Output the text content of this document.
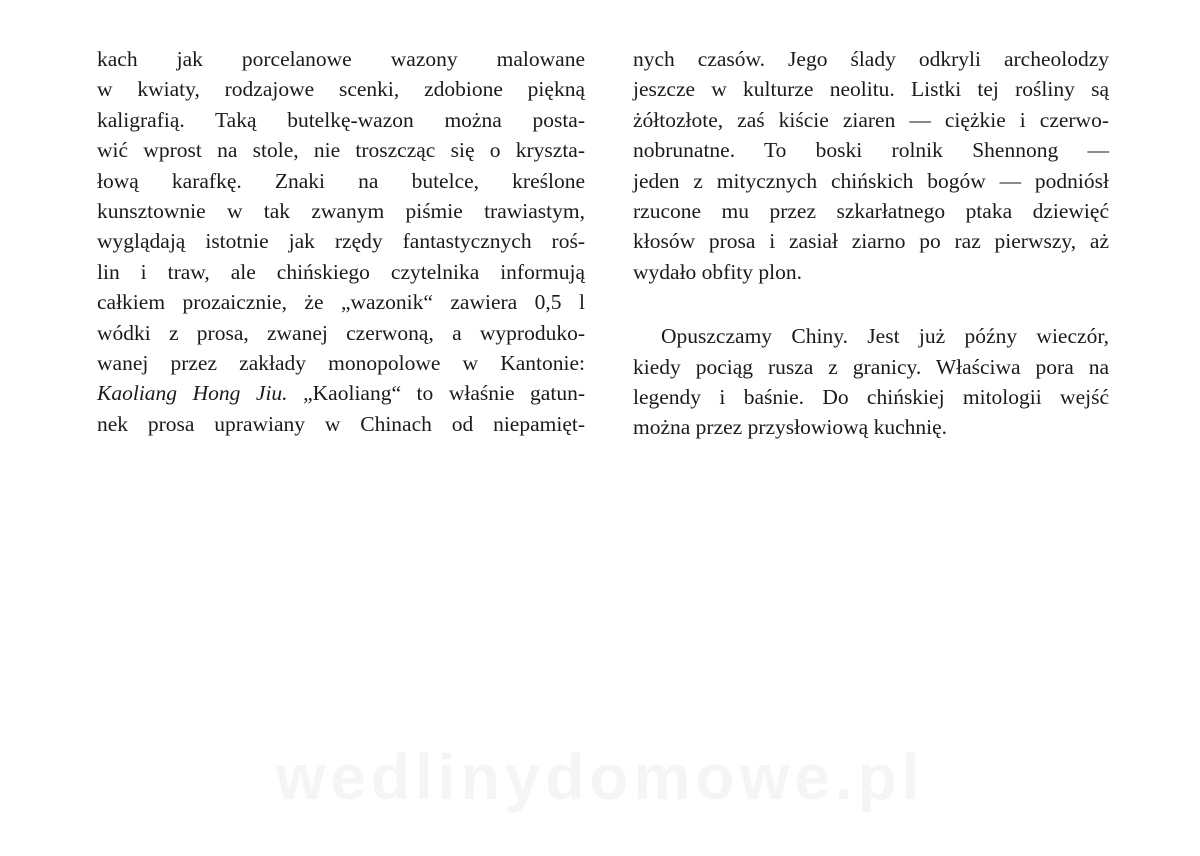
kach jak porcelanowe wazony malowane
w kwiaty, rodzajowe scenki, zdobione piękną
kaligrafią. Taką butelkę-wazon można posta-
wić wprost na stole, nie troszcząc się o kryszta-
łową karafkę. Znaki na butelce, kreślone
kunsztownie w tak zwanym piśmie trawiastym,
wyglądają istotnie jak rzędy fantastycznych roś-
lin i traw, ale chińskiego czytelnika informują
całkiem prozaicznie, że „wazonik“ zawiera 0,5 l
wódki z prosa, zwanej czerwoną, a wyproduko-
wanej przez zakłady monopolowe w Kantonie:
Kaoliang Hong Jiu. „Kaoliang“ to właśnie gatun-
nek prosa uprawiany w Chinach od niepamięt-
nych czasów. Jego ślady odkryli archeolodzy
jeszcze w kulturze neolitu. Listki tej rośliny są
żółtozłote, zaś kiście ziaren — ciężkie i czerwo-
nobrunatne. To boski rolnik Shennong —
jeden z mitycznych chińskich bogów — podniósł
rzucone mu przez szkarłatnego ptaka dziewięć
kłosów prosa i zasiał ziarno po raz pierwszy, aż
wydało obfity plon.
Opuszczamy Chiny. Jest już późny wieczór,
kiedy pociąg rusza z granicy. Właściwa pora na
legendy i baśnie. Do chińskiej mitologii wejść
można przez przysłowiową kuchnię.
wedlinydomowe.pl
